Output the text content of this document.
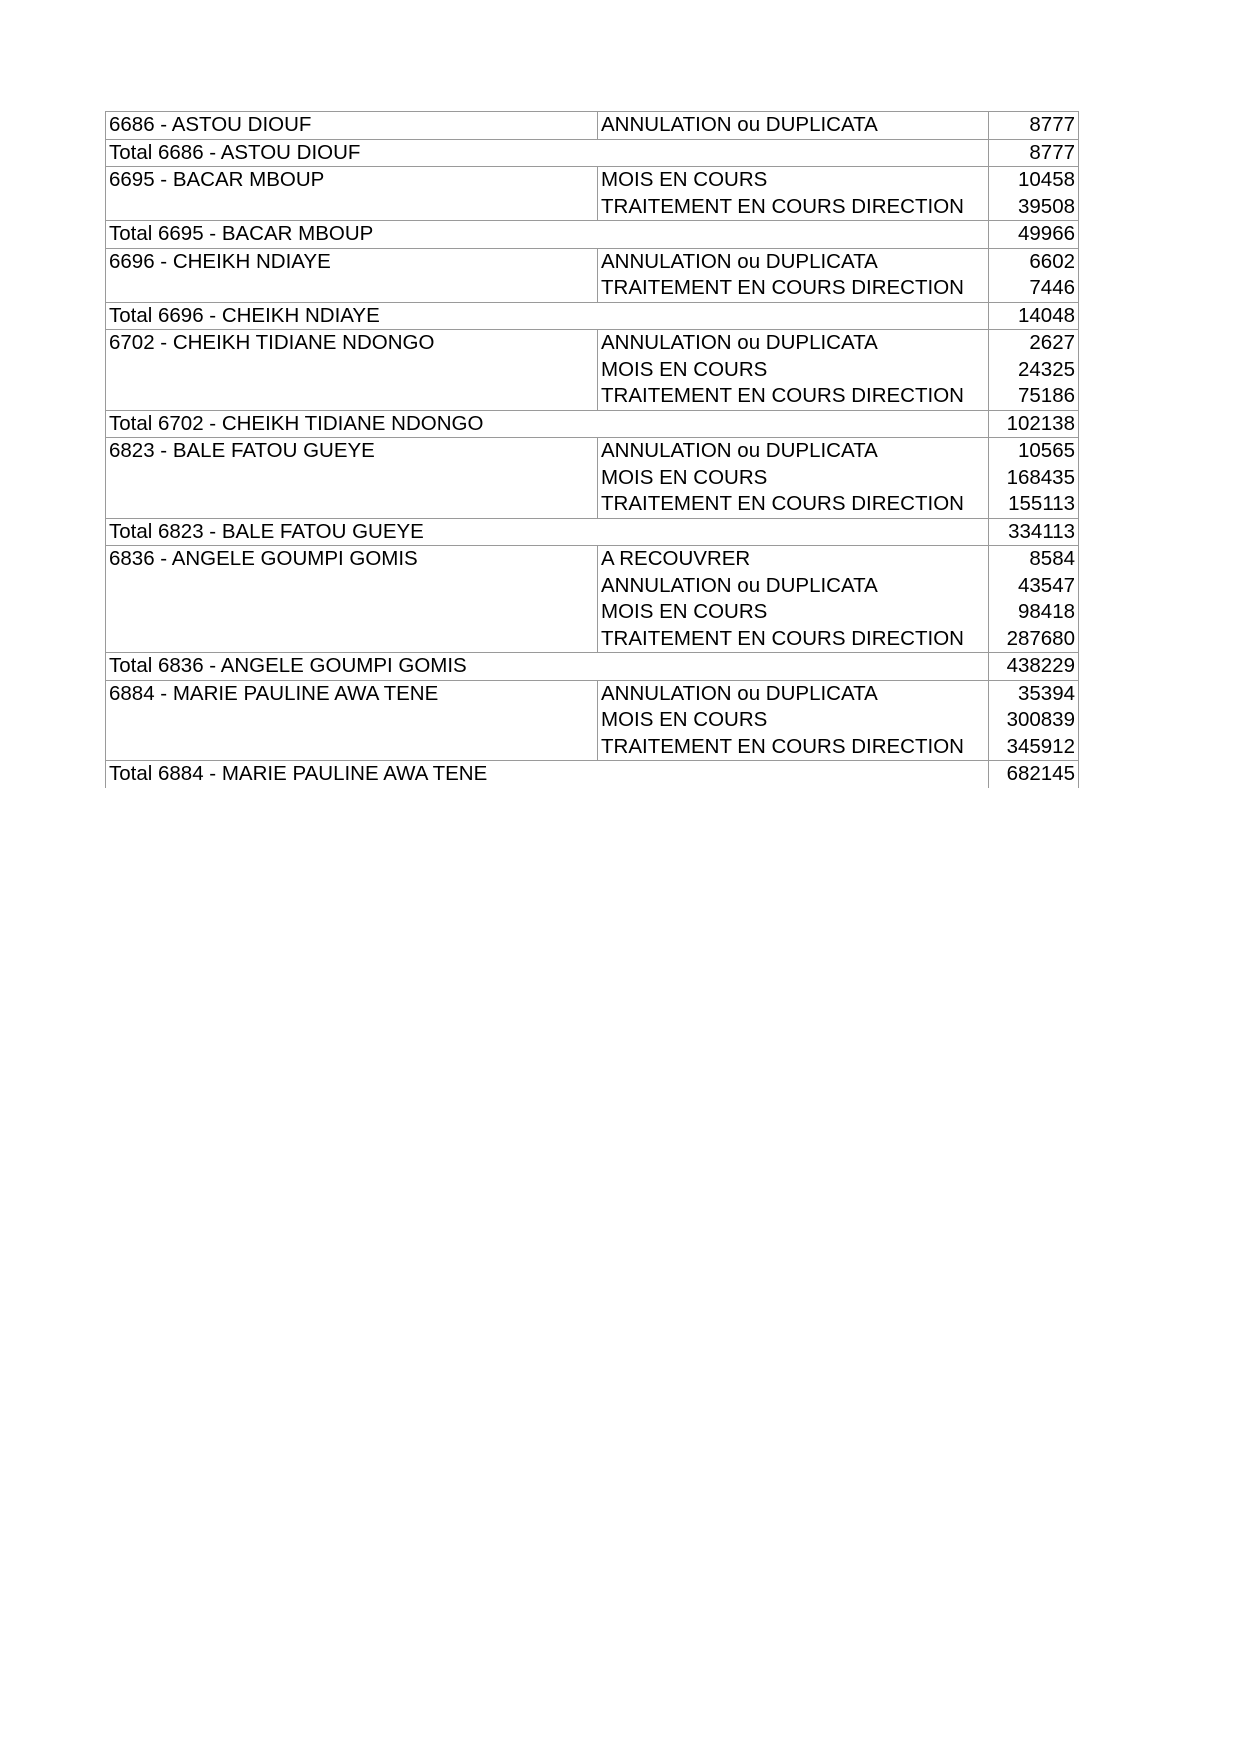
6686 - ASTOU DIOUF	ANNULATION ou DUPLICATA	8777
Total 6686 - ASTOU DIOUF		8777
6695 - BACAR MBOUP	MOIS EN COURS	10458
	TRAITEMENT EN COURS DIRECTION	39508
Total 6695 - BACAR MBOUP		49966
6696 - CHEIKH NDIAYE	ANNULATION ou DUPLICATA	6602
	TRAITEMENT EN COURS DIRECTION	7446
Total 6696 - CHEIKH NDIAYE		14048
6702 - CHEIKH TIDIANE NDONGO	ANNULATION ou DUPLICATA	2627
	MOIS EN COURS	24325
	TRAITEMENT EN COURS DIRECTION	75186
Total 6702 - CHEIKH TIDIANE NDONGO		102138
6823 - BALE FATOU GUEYE	ANNULATION ou DUPLICATA	10565
	MOIS EN COURS	168435
	TRAITEMENT EN COURS DIRECTION	155113
Total 6823 - BALE FATOU GUEYE		334113
6836 - ANGELE GOUMPI GOMIS	A RECOUVRER	8584
	ANNULATION ou DUPLICATA	43547
	MOIS EN COURS	98418
	TRAITEMENT EN COURS DIRECTION	287680
Total 6836 - ANGELE GOUMPI GOMIS		438229
6884 - MARIE PAULINE AWA TENE	ANNULATION ou DUPLICATA	35394
	MOIS EN COURS	300839
	TRAITEMENT EN COURS DIRECTION	345912
Total 6884 - MARIE PAULINE AWA TENE		682145
